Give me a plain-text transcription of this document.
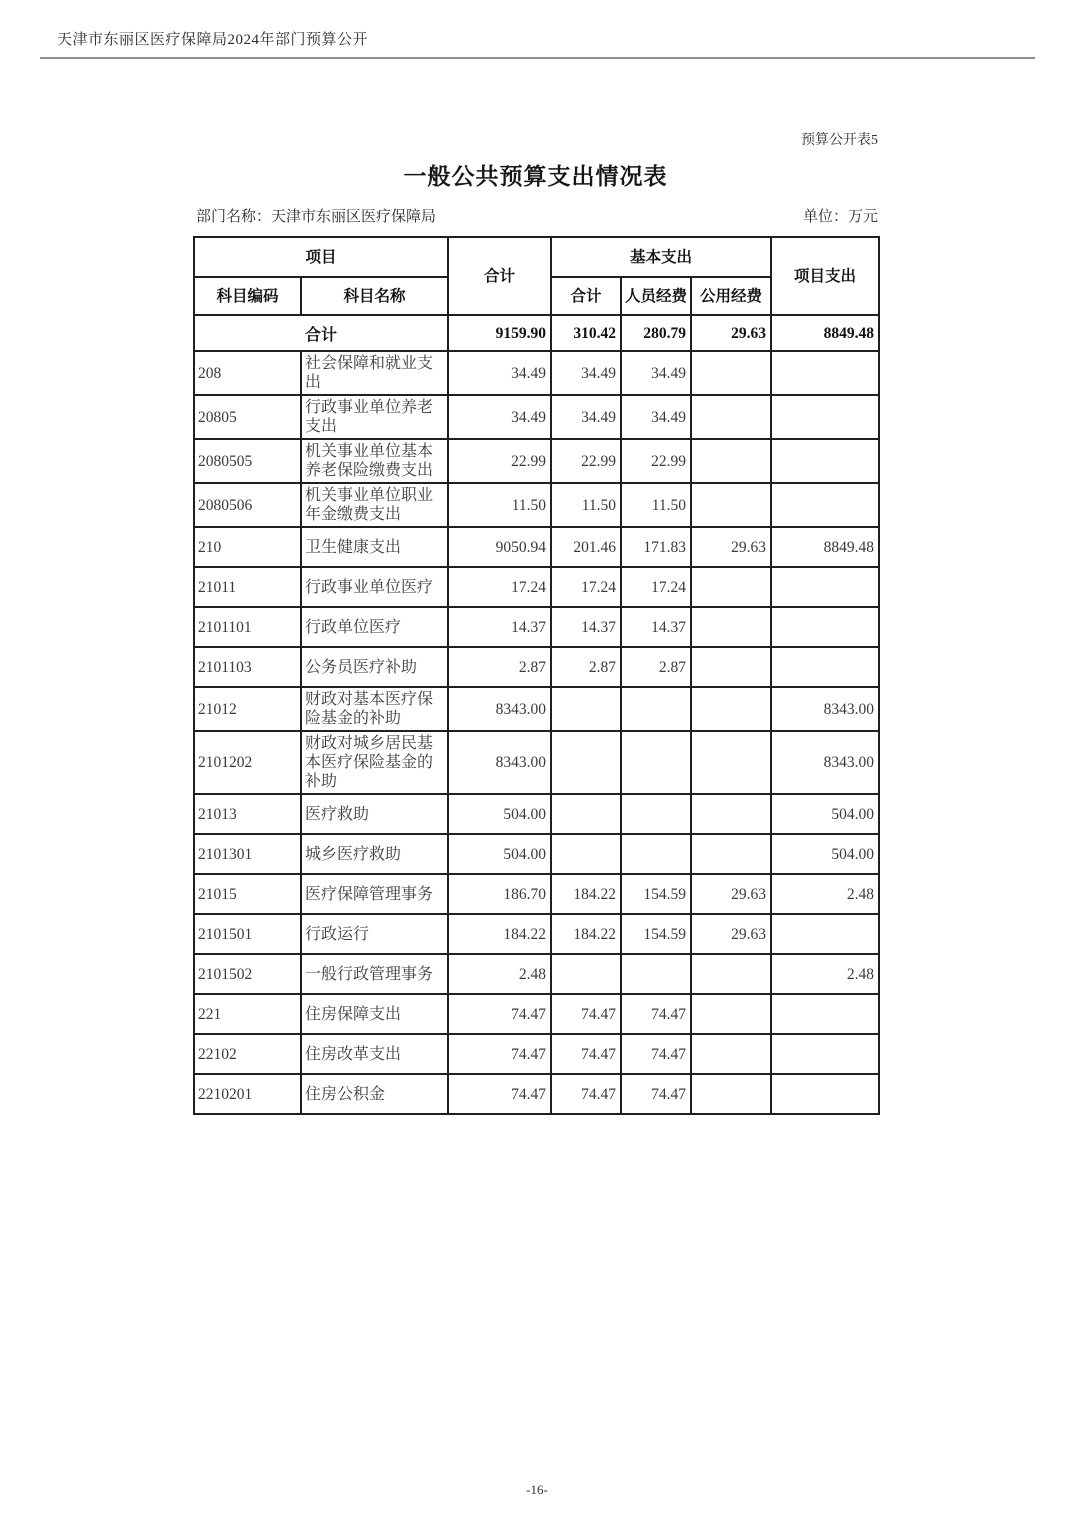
天津市东丽区医疗保障局2024年部门预算公开
预算公开表5
一般公共预算支出情况表
部门名称：天津市东丽区医疗保障局	单位：万元
项目		合计	基本支出			项目支出
科目编码	科目名称		合计	人员经费	公用经费	
合计		9159.90	310.42	280.79	29.63	8849.48
208	社会保障和就业支出	34.49	34.49	34.49		
20805	行政事业单位养老支出	34.49	34.49	34.49		
2080505	机关事业单位基本养老保险缴费支出	22.99	22.99	22.99		
2080506	机关事业单位职业年金缴费支出	11.50	11.50	11.50		
210	卫生健康支出	9050.94	201.46	171.83	29.63	8849.48
21011	行政事业单位医疗	17.24	17.24	17.24		
2101101	行政单位医疗	14.37	14.37	14.37		
2101103	公务员医疗补助	2.87	2.87	2.87		
21012	财政对基本医疗保险基金的补助	8343.00				8343.00
2101202	财政对城乡居民基本医疗保险基金的补助	8343.00				8343.00
21013	医疗救助	504.00				504.00
2101301	城乡医疗救助	504.00				504.00
21015	医疗保障管理事务	186.70	184.22	154.59	29.63	2.48
2101501	行政运行	184.22	184.22	154.59	29.63	
2101502	一般行政管理事务	2.48				2.48
221	住房保障支出	74.47	74.47	74.47		
22102	住房改革支出	74.47	74.47	74.47		
2210201	住房公积金	74.47	74.47	74.47		
-16-
